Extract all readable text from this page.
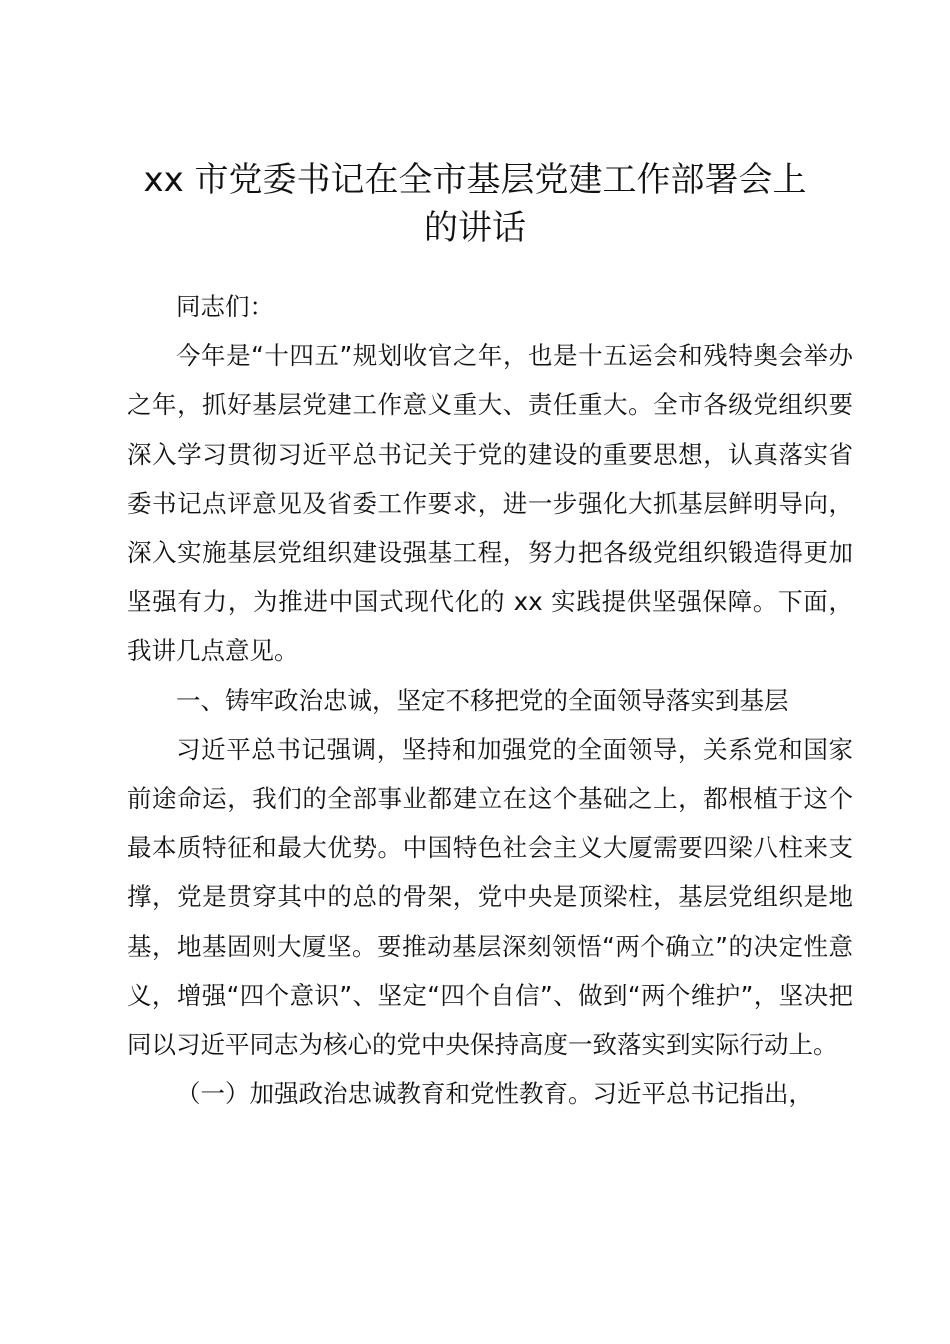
xx 市党委书记在全市基层党建工作部署会上
的讲话

同志们：

今年是“十四五”规划收官之年，也是十五运会和残特奥会举办之年，抓好基层党建工作意义重大、责任重大。全市各级党组织要深入学习贯彻习近平总书记关于党的建设的重要思想，认真落实省委书记点评意见及省委工作要求，进一步强化大抓基层鲜明导向，深入实施基层党组织建设强基工程，努力把各级党组织锻造得更加坚强有力，为推进中国式现代化的 xx 实践提供坚强保障。下面，我讲几点意见。

一、铸牢政治忠诚，坚定不移把党的全面领导落实到基层

习近平总书记强调，坚持和加强党的全面领导，关系党和国家前途命运，我们的全部事业都建立在这个基础之上，都根植于这个最本质特征和最大优势。中国特色社会主义大厦需要四梁八柱来支撑，党是贯穿其中的总的骨架，党中央是顶梁柱，基层党组织是地基，地基固则大厦坚。要推动基层深刻领悟“两个确立”的决定性意义，增强“四个意识”、坚定“四个自信”、做到“两个维护”，坚决把同以习近平同志为核心的党中央保持高度一致落实到实际行动上。

（一）加强政治忠诚教育和党性教育。习近平总书记指出，
